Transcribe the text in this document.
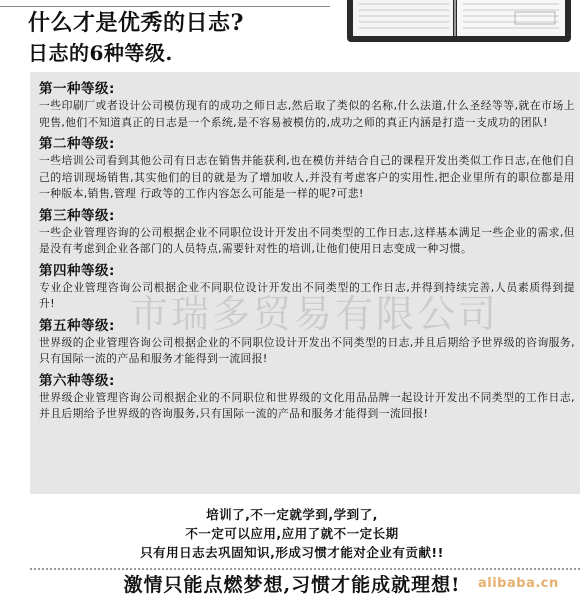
什么才是优秀的日志?

日志的6种等级.

第一种等级:

一些印刷厂或者设计公司模仿现有的成功之师日志,然后取了类似的名称,什么法道,什么圣经等等,就在市场上兜售,他们不知道真正的日志是一个系统,是不容易被模仿的,成功之师的真正内涵是打造一支成功的团队!

第二种等级:

一些培训公司看到其他公司有日志在销售并能获利,也在模仿并结合自己的课程开发出类似工作日志,在他们自己的培训现场销售,其实他们的目的就是为了增加收人,并没有考虑客户的实用性,把企业里所有的职位都是用一种版本,销售,管理 行政等的工作内容怎么可能是一样的呢?可悲!

第三种等级:

一些企业管理咨询的公司根据企业不同职位设计开发出不同类型的工作日志,这样基本满足一些企业的需求,但是没有考虑到企业各部门的人员特点,需要针对性的培训,让他们使用日志变成一种习惯。

第四种等级:

专业企业管理咨询公司根据企业不同职位设计开发出不同类型的工作日志,并得到持续完善,人员素质得到提升!

第五种等级:

世界级的企业管理咨询公司根据企业的不同职位设计开发出不同类型的日志,并且后期给予世界级的咨询服务,只有国际一流的产品和服务才能得到一流回报!

第六种等级:

世界级企业管理咨询公司根据企业的不同职位和世界级的文化用品品牌一起设计开发出不同类型的工作日志,并且后期给予世界级的咨询服务,只有国际一流的产品和服务才能得到一流回报!

市瑞多贸易有限公司

培训了,不一定就学到,学到了,

不一定可以应用,应用了就不一定长期

只有用日志去巩固知识,形成习惯才能对企业有贡献!!

激情只能点燃梦想,习惯才能成就理想!	alibaba.cn
